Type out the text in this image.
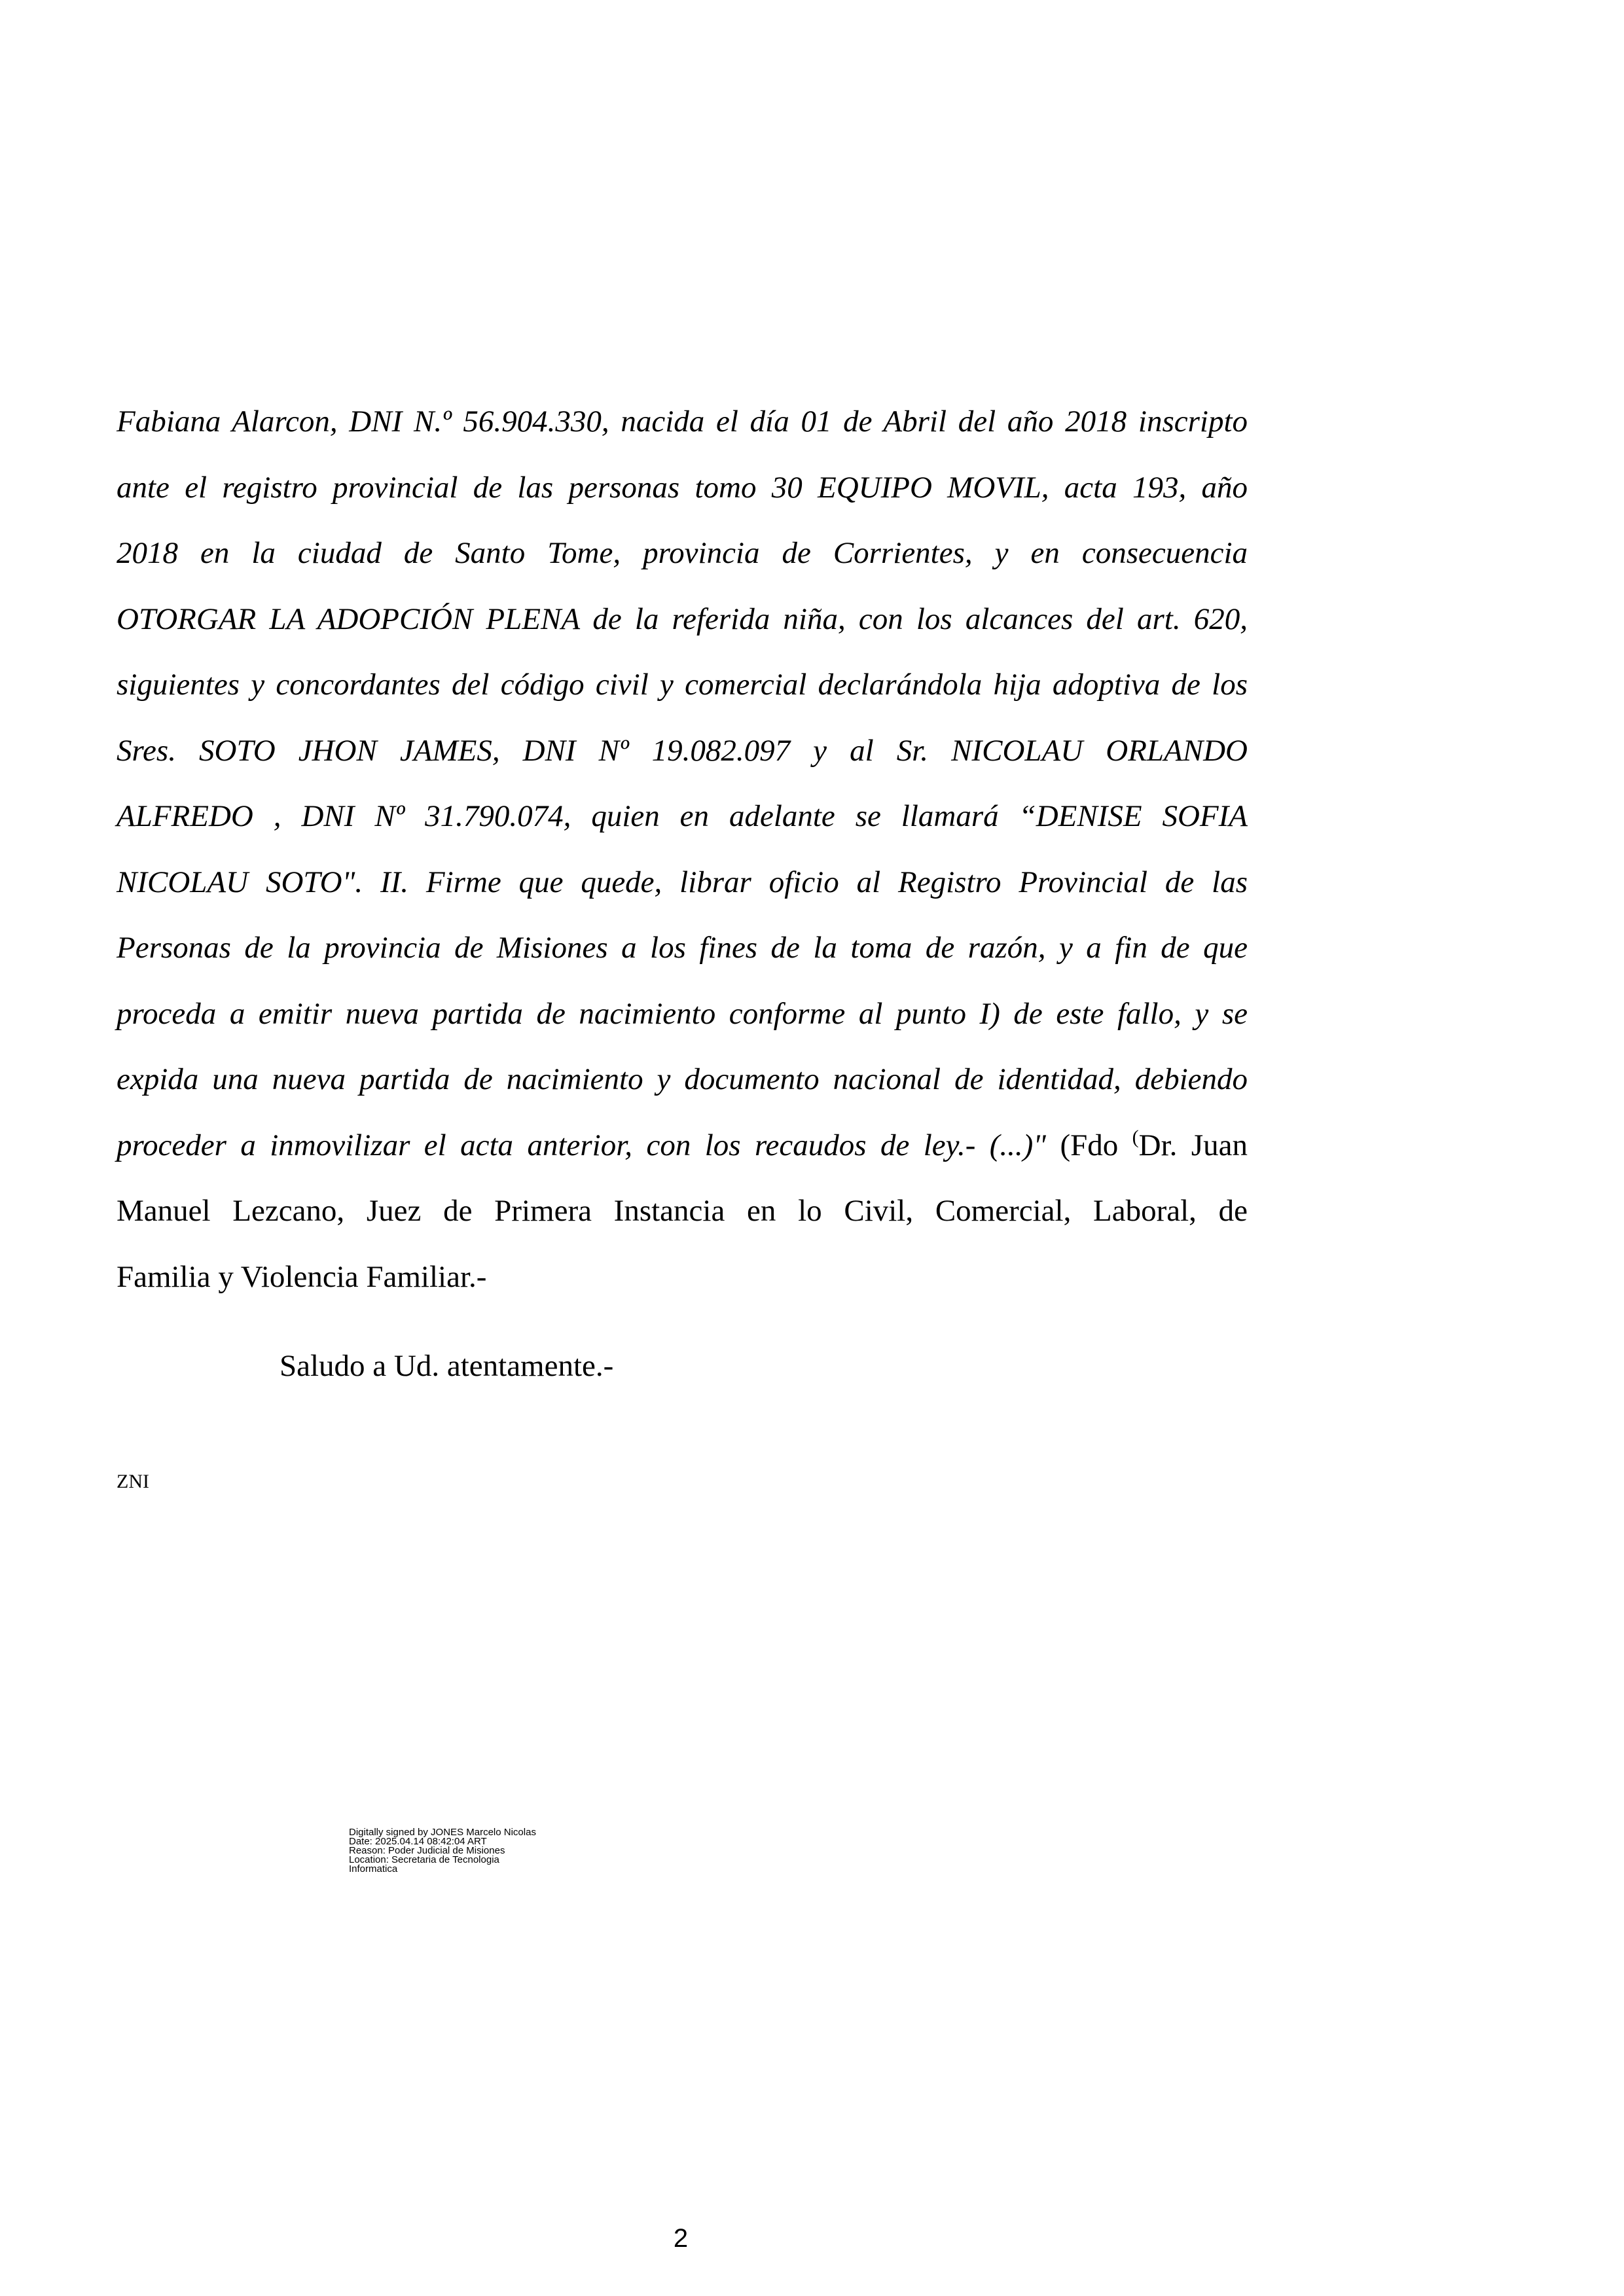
Fabiana Alarcon, DNI N.º 56.904.330, nacida el día 01 de Abril del año 2018 inscripto
ante el registro provincial de las personas tomo 30 EQUIPO MOVIL, acta 193, año
2018 en la ciudad de Santo Tome, provincia de Corrientes, y en consecuencia
OTORGAR LA ADOPCIÓN PLENA de la referida niña, con los alcances del art. 620,
siguientes y concordantes del código civil y comercial declarándola hija adoptiva de los
Sres. SOTO JHON JAMES, DNI Nº 19.082.097 y al Sr. NICOLAU ORLANDO
ALFREDO , DNI Nº 31.790.074, quien en adelante se llamará “DENISE SOFIA
NICOLAU SOTO". II. Firme que quede, librar oficio al Registro Provincial de las
Personas de la provincia de Misiones a los fines de la toma de razón, y a fin de que
proceda a emitir nueva partida de nacimiento conforme al punto I) de este fallo, y se
expida una nueva partida de nacimiento y documento nacional de identidad, debiendo
proceder a inmovilizar el acta anterior, con los recaudos de ley.- (...)" (Fdo (Dr. Juan
Manuel Lezcano, Juez de Primera Instancia en lo Civil, Comercial, Laboral, de
Familia y Violencia Familiar.-
Saludo a Ud. atentamente.-
ZNI
Digitally signed by JONES Marcelo Nicolas
Date: 2025.04.14 08:42:04 ART
Reason: Poder Judicial de Misiones
Location: Secretaria de Tecnologia
Informatica
2
